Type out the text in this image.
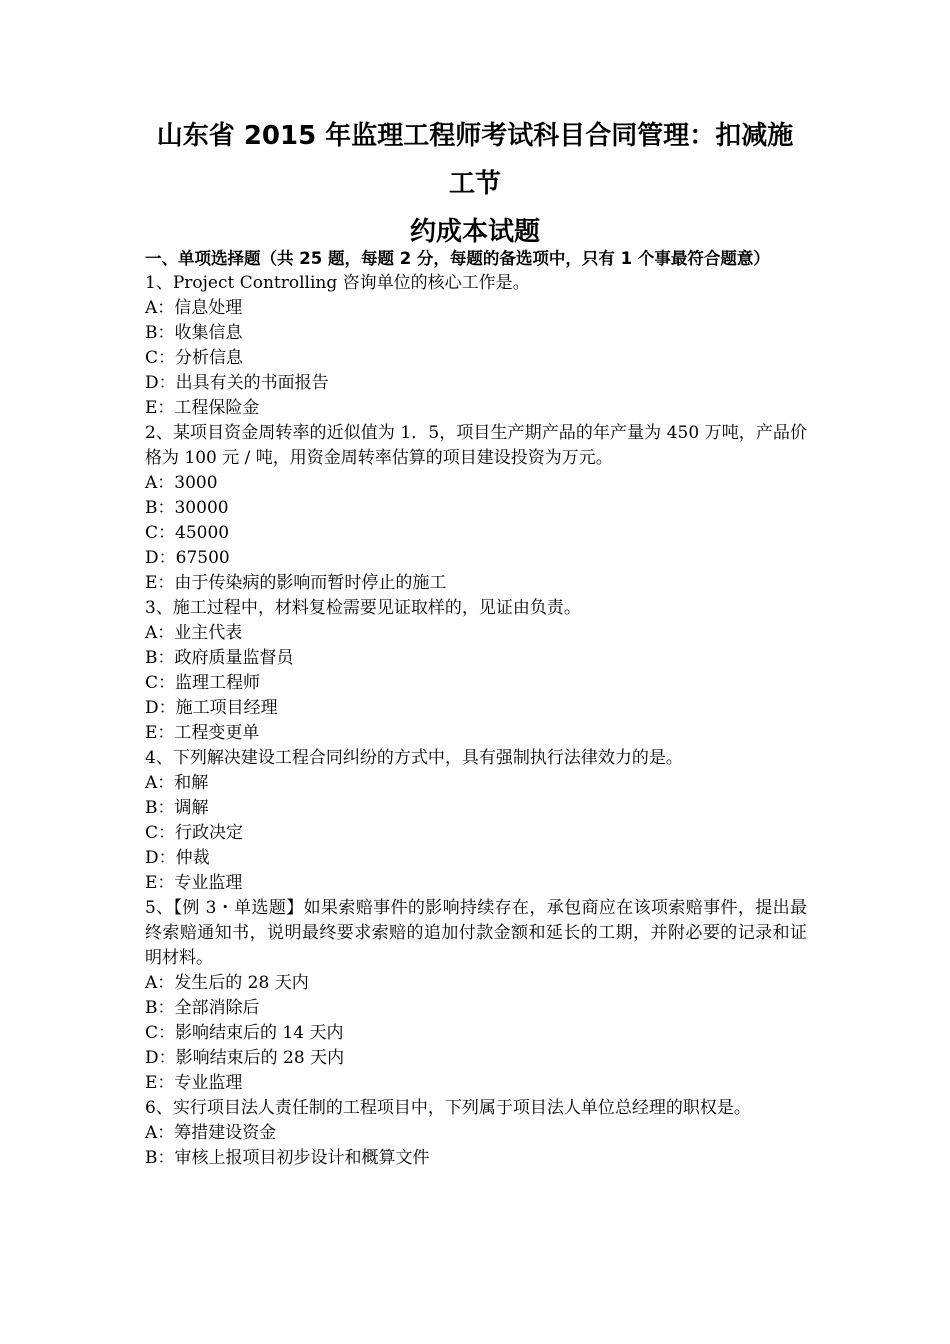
山东省 2015 年监理工程师考试科目合同管理：扣减施工节
约成本试题

一、单项选择题（共 25 题，每题 2 分，每题的备选项中，只有 1 个事最符合题意）

1、Project Controlling 咨询单位的核心工作是。

A：信息处理

B：收集信息

C：分析信息

D：出具有关的书面报告

E：工程保险金

2、某项目资金周转率的近似值为 1．5，项目生产期产品的年产量为 450 万吨，产品价格为 100 元 / 吨，用资金周转率估算的项目建设投资为万元。

A：3000

B：30000

C：45000

D：67500

E：由于传染病的影响而暂时停止的施工

3、施工过程中，材料复检需要见证取样的，见证由负责。

A：业主代表

B：政府质量监督员

C：监理工程师

D：施工项目经理

E：工程变更单

4、下列解决建设工程合同纠纷的方式中，具有强制执行法律效力的是。

A：和解

B：调解

C：行政决定

D：仲裁

E：专业监理

5、【例 3・单选题】如果索赔事件的影响持续存在，承包商应在该项索赔事件，提出最终索赔通知书，说明最终要求索赔的追加付款金额和延长的工期，并附必要的记录和证明材料。

A：发生后的 28 天内

B：全部消除后

C：影响结束后的 14 天内

D：影响结束后的 28 天内

E：专业监理

6、实行项目法人责任制的工程项目中，下列属于项目法人单位总经理的职权是。

A：筹措建设资金

B：审核上报项目初步设计和概算文件
